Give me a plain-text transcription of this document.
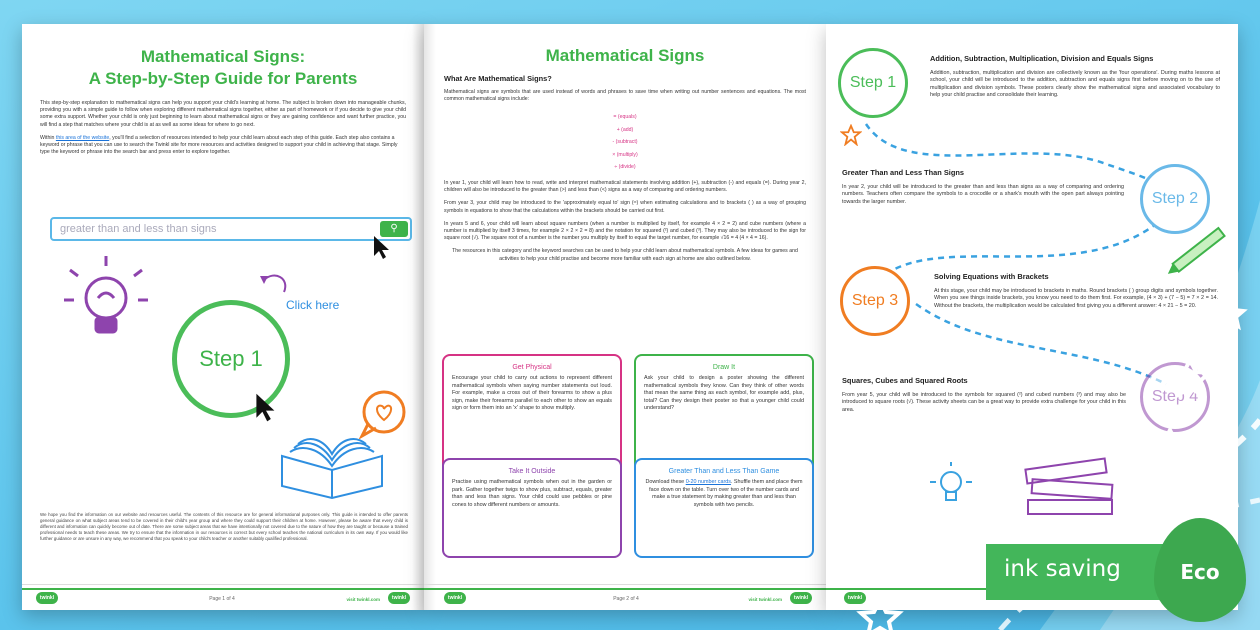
Mathematical Signs:
A Step-by-Step Guide for Parents
This step-by-step explanation to mathematical signs can help you support your child's learning at home. The subject is broken down into manageable chunks, providing you with a simple guide to follow when exploring different mathematical signs together, either as part of homework or if you decide to give your child some extra support. Whether your child is only just beginning to learn about mathematical signs or they are gaining confidence and want further practice, you will find a step that matches where your child is at as well as some ideas for where to go next.
Within this area of the website, you'll find a selection of resources intended to help your child learn about each step of this guide. Each step also contains a keyword or phrase that you can use to search the Twinkl site for more resources and activities designed to support your child in achieving that stage. Simply type the keyword or phrase into the search bar and press enter to explore together.
greater than and less than signs	⚲
Click here
Step 1
We hope you find the information on our website and resources useful. The contents of this resource are for general informational purposes only. This guide is intended to offer parents general guidance on what subject areas tend to be covered in their child's year group and where they could support their children at home. However, please be aware that every child is different and information can quickly become out of date. There are some subject areas that we have intentionally not covered due to the nature of how they are taught or because a trained professional needs to teach these areas. We try to ensure that the information in our resources is correct but every school teaches the national curriculum in its own way. If you would like further guidance or are unsure in any way, we recommend that you speak to your child's teacher or another suitably qualified professional.
twinkl	Page 1 of 4	visit twinkl.com	twinkl
Mathematical Signs
What Are Mathematical Signs?
Mathematical signs are symbols that are used instead of words and phrases to save time when writing out number sentences and equations. The most common mathematical signs include:
= (equals)
+ (add)
- (subtract)
× (multiply)
÷ (divide)
In year 1, your child will learn how to read, write and interpret mathematical statements involving addition (+), subtraction (-) and equals (=). During year 2, children will also be introduced to the greater than (>) and less than (<) signs as a way of comparing and ordering numbers.
From year 3, your child may be introduced to the 'approximately equal to' sign (≈) when estimating calculations and to brackets ( ) as a way of grouping symbols in equations to show that the calculations within the brackets should be carried out first.
In years 5 and 6, your child will learn about square numbers (when a number is multiplied by itself, for example 4 × 2 = 2) and cube numbers (where a number is multiplied by itself 3 times, for example 2 × 2 × 2 = 8) and the notation for squared (²) and cubed (³). They may also be introduced to the sign for square root (√). The square root of a number is the number you multiply by itself to equal the target number, for example √16 = 4 (4 × 4 = 16).
The resources in this category and the keyword searches can be used to help your child learn about mathematical symbols. A few ideas for games and activities to help your child practise and become more familiar with each sign at home are also outlined below.
Get Physical

Encourage your child to carry out actions to represent different mathematical symbols when saying number statements out loud. For example, make a cross out of their forearms to show a plus sign, make their forearms parallel to each other to show an equals sign or form them into an 'x' shape to show multiply.

Draw It

Ask your child to design a poster showing the different mathematical symbols they know. Can they think of other words that mean the same thing as each symbol, for example add, plus, total? Can they design their poster so that a younger child could understand?

Take It Outside

Practise using mathematical symbols when out in the garden or park. Gather together twigs to show plus, subtract, equals, greater than and less than signs. Your child could use pebbles or pine cones to show different numbers or amounts.

Greater Than and Less Than Game

Download these 0-20 number cards. Shuffle them and place them face down on the table. Turn over two of the number cards and make a true statement by making greater than and less than symbols with two pencils.

twinkl	Page 2 of 4	visit twinkl.com	twinkl
Step 1
Addition, Subtraction, Multiplication, Division and Equals Signs
Addition, subtraction, multiplication and division are collectively known as the 'four operations'. During maths lessons at school, your child will be introduced to the addition, subtraction and equals signs first before moving on to the use of multiplication and division symbols. These posters clearly show the mathematical signs and associated vocabulary to help your child practise and consolidate their learning.
Greater Than and Less Than Signs
In year 2, your child will be introduced to the greater than and less than signs as a way of comparing and ordering numbers. Teachers often compare the symbols to a crocodile or a shark's mouth with the open part always pointing towards the larger number.	Step 2
Step 3
Solving Equations with Brackets
At this stage, your child may be introduced to brackets in maths. Round brackets ( ) group digits and symbols together. When you see things inside brackets, you know you need to do them first. For example, (4 × 3) + (7 − 5) = 7 × 2 = 14. Without the brackets, the multiplication would be calculated first giving you a different answer: 4 × 21 − 5 = 20.
Squares, Cubes and Squared Roots
From year 5, your child will be introduced to the symbols for squared (²) and cubed numbers (³) and may also be introduced to square roots (√). These activity sheets can be a great way to provide extra challenge for your child in this area.
Step 4
twinkl
ink saving	Eco
